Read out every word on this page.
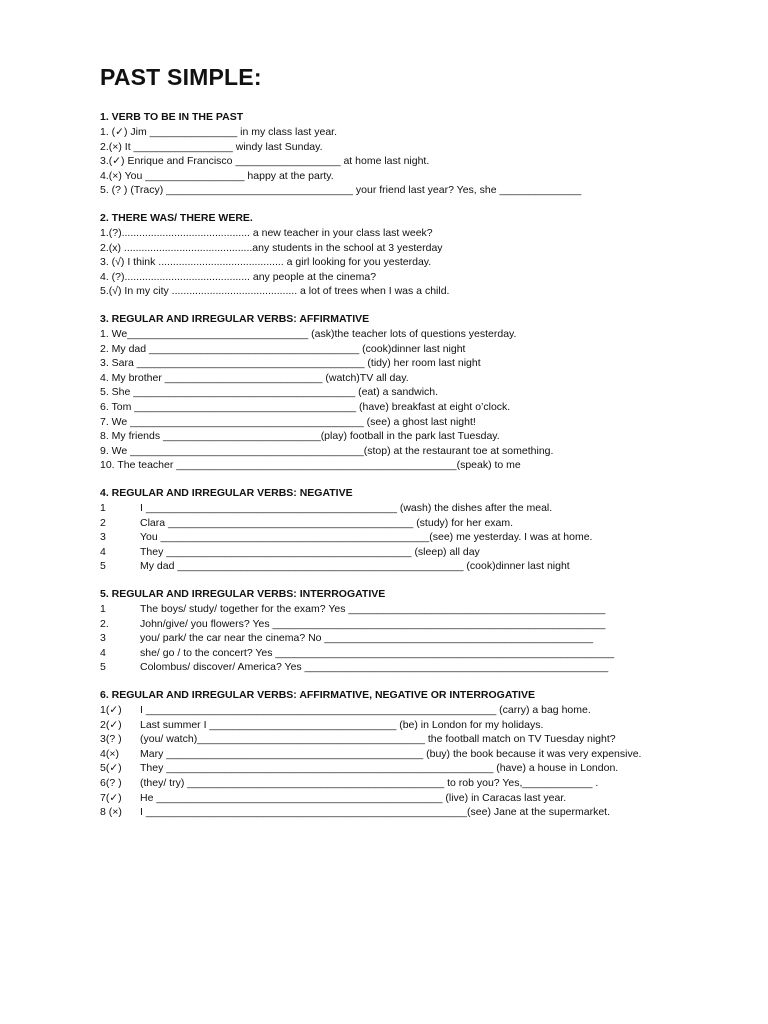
PAST SIMPLE:
1. VERB TO BE IN THE PAST
1. (✓) Jim _______________ in my class last year.
2.(×) It _________________ windy last Sunday.
3.(✓) Enrique and Francisco __________________ at home last night.
4.(×) You _________________ happy at the party.
5. (? ) (Tracy) ________________________________ your friend last year? Yes, she ______________
2. THERE WAS/ THERE WERE.
1.(?)............................................ a new teacher in your class last week?
2.(x) ............................................any students in the school at 3 yesterday
3. (√) I think ........................................... a girl looking for you yesterday.
4. (?)........................................... any people at the cinema?
5.(√) In my city ........................................... a lot of trees when I was a child.
3. REGULAR AND IRREGULAR VERBS: AFFIRMATIVE
1. We_______________________________ (ask)the teacher lots of questions yesterday.
2. My dad ____________________________________ (cook)dinner last night
3. Sara _______________________________________ (tidy) her room last night
4. My brother ___________________________ (watch)TV all day.
5. She ______________________________________ (eat) a sandwich.
6. Tom ______________________________________ (have) breakfast at eight o’clock.
7. We ________________________________________ (see) a ghost last night!
8. My friends ___________________________(play) football in the park last Tuesday.
9. We ________________________________________(stop) at the restaurant toe at something.
10. The teacher ________________________________________________(speak) to me
4. REGULAR AND IRREGULAR VERBS: NEGATIVE
1	I ___________________________________________ (wash) the dishes after the meal.
2	Clara __________________________________________ (study) for her exam.
3	You ______________________________________________(see) me yesterday. I was at home.
4	They __________________________________________ (sleep) all day
5	My dad _________________________________________________ (cook)dinner last night
5. REGULAR AND IRREGULAR VERBS: INTERROGATIVE
1	The boys/ study/ together for the exam? Yes ____________________________________________
2.	John/give/ you flowers? Yes _________________________________________________________
3	you/ park/ the car near the cinema? No ______________________________________________
4	she/ go / to the concert? Yes __________________________________________________________
5	Colombus/ discover/ America? Yes ____________________________________________________
6. REGULAR AND IRREGULAR VERBS: AFFIRMATIVE, NEGATIVE OR INTERROGATIVE
1(✓) I ____________________________________________________________ (carry) a bag home.
2(✓) Last summer I ________________________________ (be) in London for my holidays.
3(? ) (you/ watch)_______________________________________ the football match on TV Tuesday night?
4(×) Mary ____________________________________________ (buy) the book because it was very expensive.
5(✓) They ________________________________________________________ (have) a house in London.
6(? ) (they/ try) ____________________________________________ to rob you? Yes,____________ .
7(✓) He _________________________________________________ (live) in Caracas last year.
8 (×) I _______________________________________________________(see) Jane at the supermarket.
